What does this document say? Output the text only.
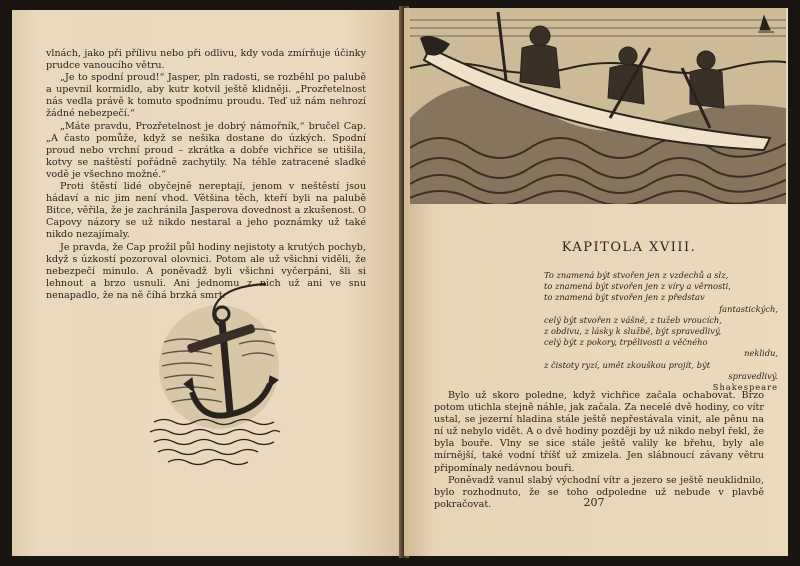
vlnách, jako při přílivu nebo při odlivu, kdy voda zmírňuje účinky prudce vanoucího větru.

„Je to spodní proud!“ Jasper, pln radosti, se rozběhl po palubě a upevnil kormidlo, aby kutr kotvil ještě klidněji. „Prozřetelnost nás vedla právě k tomuto spodnímu proudu. Teď už nám nehrozí žádné nebezpečí.“

„Máte pravdu, Prozřetelnost je dobrý námořník,“ bručel Cap. „A často pomůže, když se nešika dostane do úzkých. Spodní proud nebo vrchní proud – zkrátka a dobře vichřice se utišila, kotvy se naštěstí pořádně zachytily. Na téhle zatracené sladké vodě je všechno možné.“

Proti štěstí lidé obyčejně nereptají, jenom v neštěstí jsou hádaví a nic jim není vhod. Většina těch, kteří byli na palubě Bitce, věřila, že je zachránila Jasperova dovednost a zkušenost. O Capovy názory se už nikdo nestaral a jeho poznámky už také nikdo nezajímaly.

Je pravda, že Cap prožil půl hodiny nejistoty a krutých pochyb, když s úzkostí pozoroval olovnici. Potom ale už všichni viděli, že nebezpečí minulo. A poněvadž byli všichni vyčerpáni, šli si lehnout a brzo usnuli. Ani jednomu z nich už ani ve snu nenapadlo, že na ně číhá brzká smrt.

KAPITOLA XVIII.
To znamená být stvořen jen z vzdechů a slz,
to znamená být stvořen jen z víry a věrnosti,
to znamená být stvořen jen z představ
fantastických,
celý být stvořen z vášně, z tužeb vroucích,
z obdivu, z lásky k službě, být spravedlivý,
celý být z pokory, trpělivosti a věčného
neklidu,
z čistoty ryzí, umět zkouškou projít, být
spravedlivý.
Shakespeare

Bylo už skoro poledne, když vichřice začala ochabovat. Brzo potom utichla stejně náhle, jak začala. Za necelé dvě hodiny, co vítr ustal, se jezerní hladina stále ještě nepřestávala vinit, ale pěnu na ní už nebylo vidět. A o dvě hodiny později by už nikdo nebyl řekl, že byla bouře. Vlny se sice stále ještě valily ke břehu, byly ale mírnější, také vodní tříšť už zmizela. Jen slábnoucí závany větru připomínaly nedávnou bouři.

Poněvadž vanul slabý východní vítr a jezero se ještě neuklidnilo, bylo rozhodnuto, že se toho odpoledne už nebude v plavbě pokračovat.	207
